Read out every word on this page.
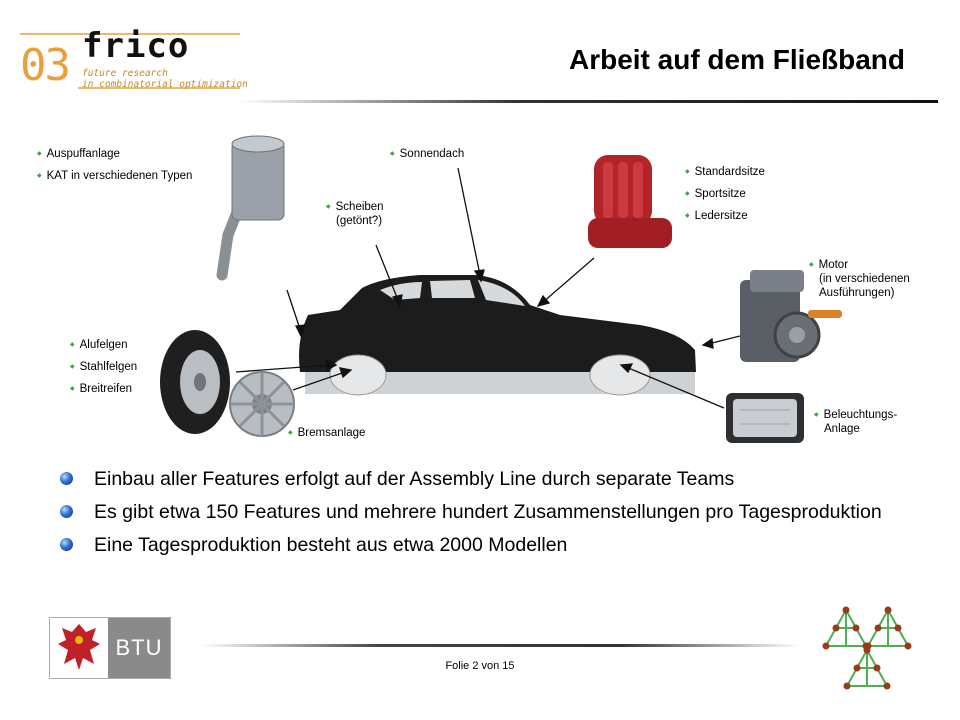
03 frico
future research
in combinatorial optimization
Arbeit auf dem Fließband
◆ Auspuffanlage
◆ KAT in verschiedenen Typen
◆ Sonnendach
◆ Scheiben
(getönt?)
◆ Standardsitze
◆ Sportsitze
◆ Ledersitze
◆ Motor
(in verschiedenen
Ausführungen)
◆ Alufelgen
◆ Stahlfelgen
◆ Breitreifen
◆ Bremsanlage
◆ Beleuchtungs-
Anlage
Einbau aller Features erfolgt auf der Assembly Line durch separate Teams
Es gibt etwa 150 Features und mehrere hundert Zusammenstellungen pro Tagesproduktion
Eine Tagesproduktion besteht aus etwa 2000 Modellen
BTU
Folie 2 von 15
